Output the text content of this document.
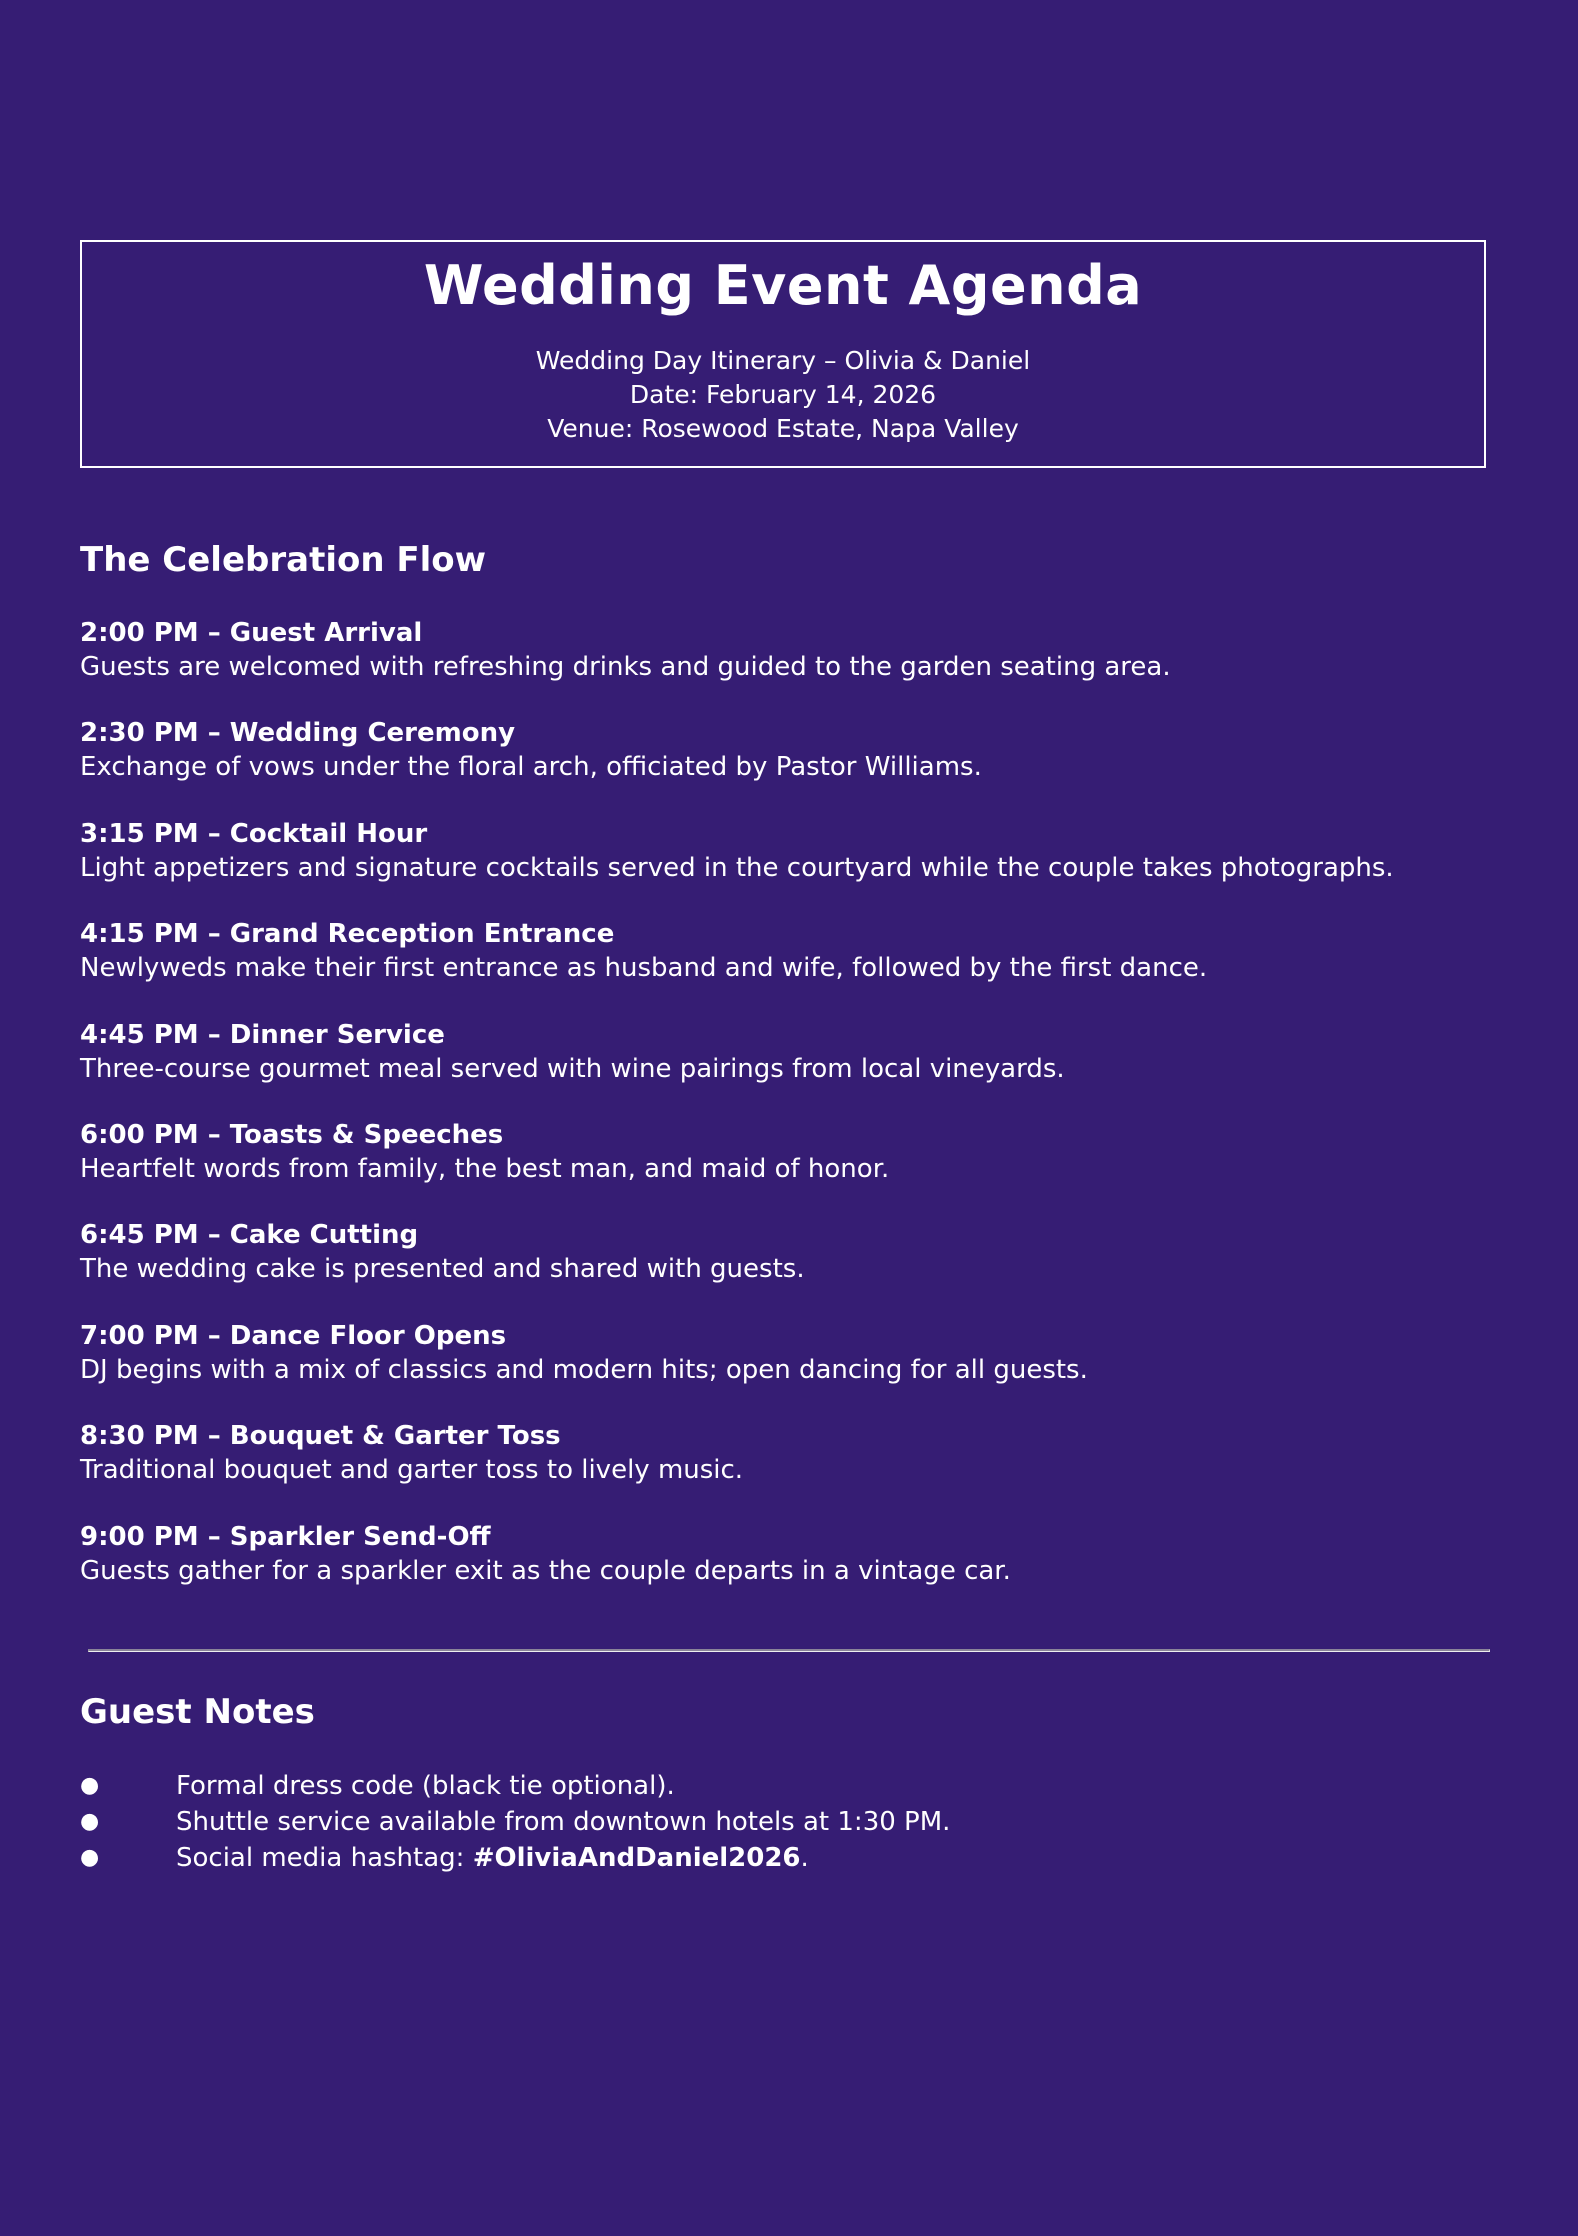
Wedding Event Agenda
Wedding Day Itinerary – Olivia & Daniel
Date: February 14, 2026
Venue: Rosewood Estate, Napa Valley
The Celebration Flow
2:00 PM – Guest Arrival
Guests are welcomed with refreshing drinks and guided to the garden seating area.
2:30 PM – Wedding Ceremony
Exchange of vows under the floral arch, officiated by Pastor Williams.
3:15 PM – Cocktail Hour
Light appetizers and signature cocktails served in the courtyard while the couple takes photographs.
4:15 PM – Grand Reception Entrance
Newlyweds make their first entrance as husband and wife, followed by the first dance.
4:45 PM – Dinner Service
Three-course gourmet meal served with wine pairings from local vineyards.
6:00 PM – Toasts & Speeches
Heartfelt words from family, the best man, and maid of honor.
6:45 PM – Cake Cutting
The wedding cake is presented and shared with guests.
7:00 PM – Dance Floor Opens
DJ begins with a mix of classics and modern hits; open dancing for all guests.
8:30 PM – Bouquet & Garter Toss
Traditional bouquet and garter toss to lively music.
9:00 PM – Sparkler Send-Off
Guests gather for a sparkler exit as the couple departs in a vintage car.
Guest Notes
●	Formal dress code (black tie optional).
●	Shuttle service available from downtown hotels at 1:30 PM.
●	Social media hashtag: #OliviaAndDaniel2026.
